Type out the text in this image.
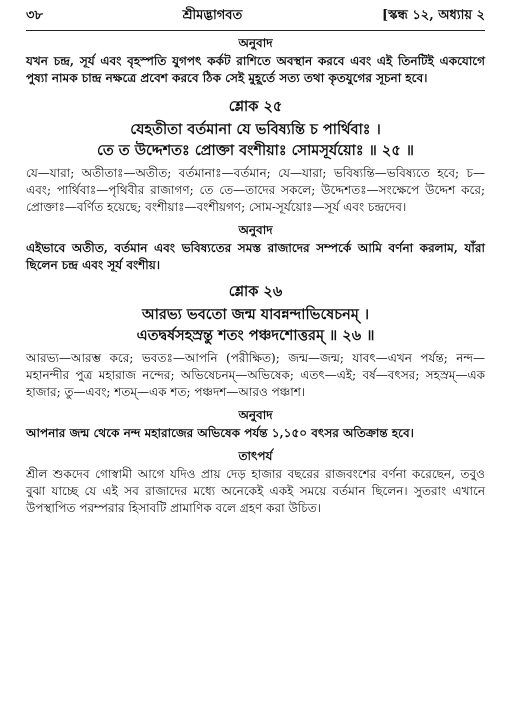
৩৮	শ্রীমদ্ভাগবত	[স্কন্ধ ১২, অধ্যায় ২
অনুবাদ

যখন চন্দ্র, সূর্য এবং বৃহস্পতি যুগপৎ কর্কট রাশিতে অবস্থান করবে এবং এই তিনটিই একযোগে পুষ্যা নামক চান্দ্র নক্ষত্রে প্রবেশ করবে ঠিক সেই মুহূর্তে সত্য তথা কৃতযুগের সূচনা হবে।

শ্লোক ২৫

যেহতীতা বর্তমানা যে ভবিষ্যন্তি চ পার্থিবাঃ ।

তে ত উদ্দেশতঃ প্রোক্তা বংশীয়াঃ সোমসূর্যয়োঃ ॥ ২৫ ॥

যে—যারা; অতীতাঃ—অতীত; বর্তমানাঃ—বর্তমান; যে—যারা; ভবিষ্যন্তি—ভবিষ্যতে হবে; চ—এবং; পার্থিবাঃ—পৃথিবীর রাজাগণ; তে তে—তাদের সকলে; উদ্দেশতঃ—সংক্ষেপে উদ্দেশ করে; প্রোক্তাঃ—বর্ণিত হয়েছে; বংশীয়াঃ—বংশীয়গণ; সোম-সূর্যয়োঃ—সূর্য এবং চন্দ্রদেব।

অনুবাদ

এইভাবে অতীত, বর্তমান এবং ভবিষ্যতের সমস্ত রাজাদের সম্পর্কে আমি বর্ণনা করলাম, যাঁরা ছিলেন চন্দ্র এবং সূর্য বংশীয়।

শ্লোক ২৬

আরভ্য ভবতো জন্ম যাবন্নন্দাভিষেচনম্ ।

এতদ্বর্ষসহস্রন্তু শতং পঞ্চদশোত্তরম্ ॥ ২৬ ॥

আরভ্য—আরম্ভ করে; ভবতঃ—আপনি (পরীক্ষিত); জন্ম—জন্ম; যাবৎ—এখন পর্যন্ত; নন্দ—মহানন্দীর পুত্র মহারাজ নন্দের; অভিষেচনম্—অভিষেক; এতৎ—এই; বর্ষ—বৎসর; সহস্রম্—এক হাজার; তু—এবং; শতম্—এক শত; পঞ্চদশ—আরও পঞ্চাশ।

অনুবাদ

আপনার জন্ম থেকে নন্দ মহারাজের অভিষেক পর্যন্ত ১,১৫০ বৎসর অতিক্রান্ত হবে।

তাৎপর্য

শ্রীল শুকদেব গোস্বামী আগে যদিও প্রায় দেড় হাজার বছরের রাজবংশের বর্ণনা করেছেন, তবুও বুঝা যাচ্ছে যে এই সব রাজাদের মধ্যে অনেকেই একই সময়ে বর্তমান ছিলেন। সুতরাং এখানে উপস্থাপিত পরম্পরার হিসাবটি প্রামাণিক বলে গ্রহণ করা উচিত।
